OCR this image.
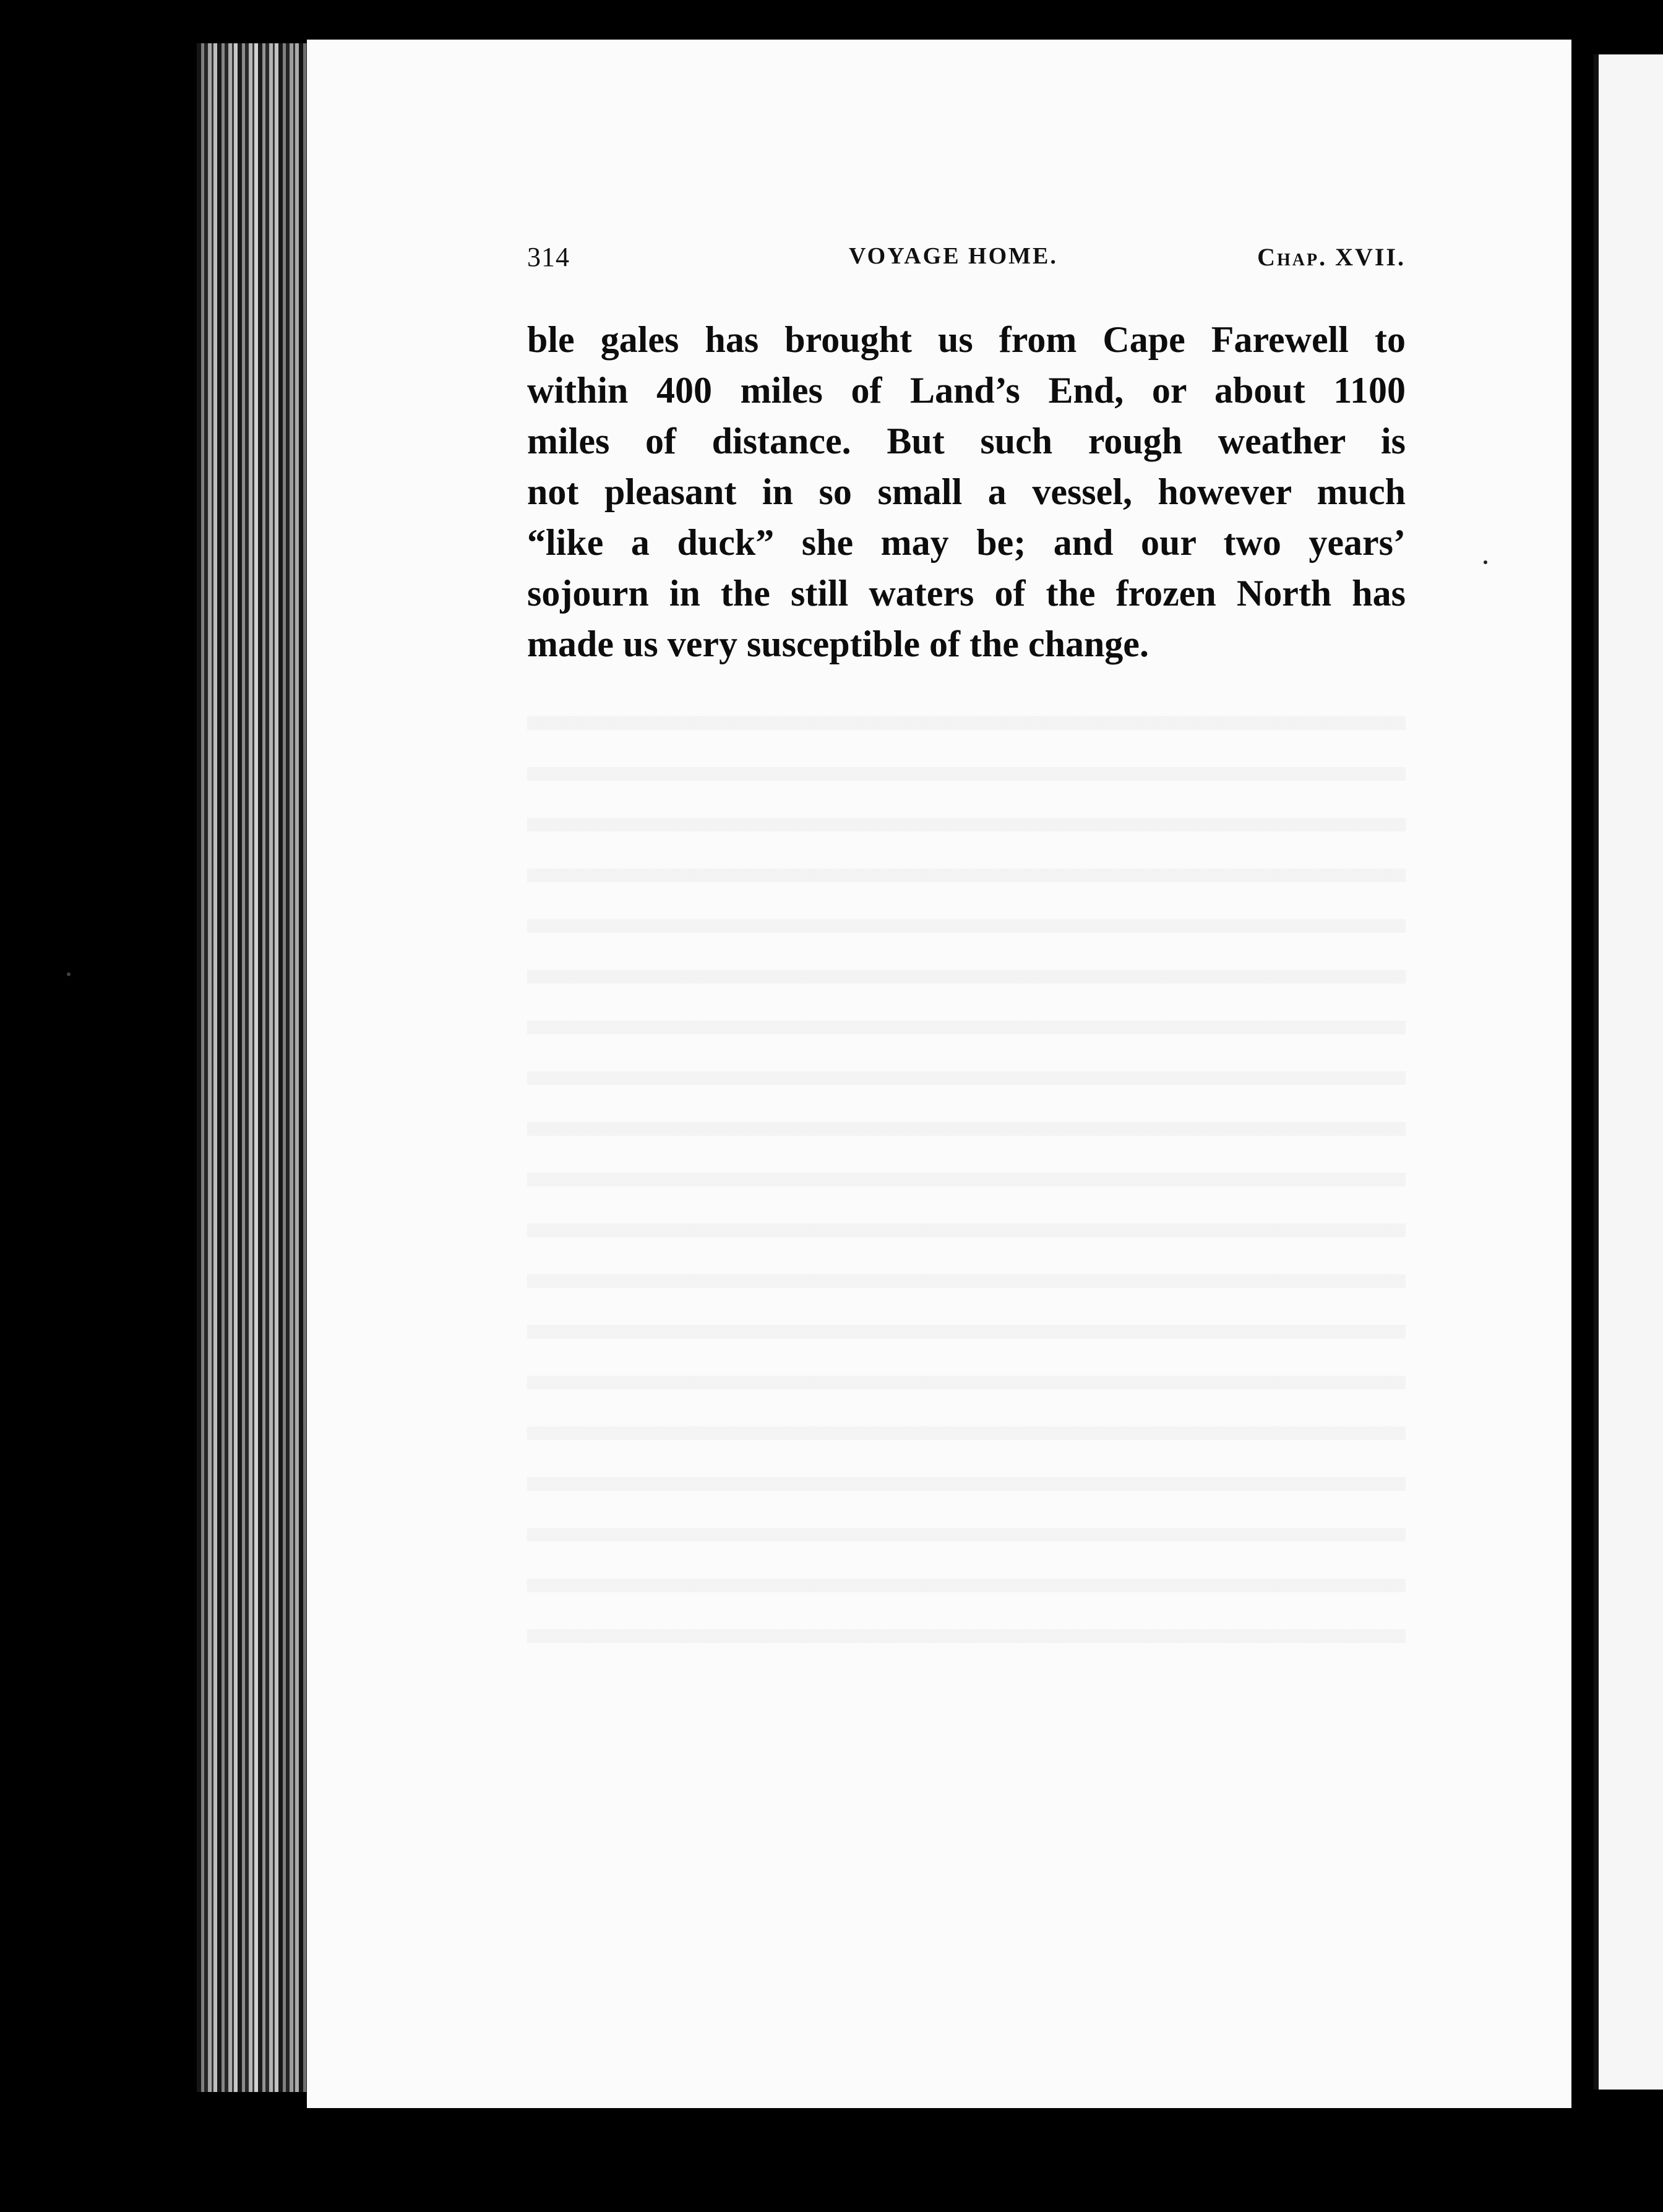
314	VOYAGE HOME.	Chap. XVII.
ble gales has brought us from Cape Farewell to
within 400 miles of Land’s End, or about 1100
miles of distance. But such rough weather is
not pleasant in so small a vessel, however much
“like a duck” she may be; and our two years’
sojourn in the still waters of the frozen North has
made us very susceptible of the change.
